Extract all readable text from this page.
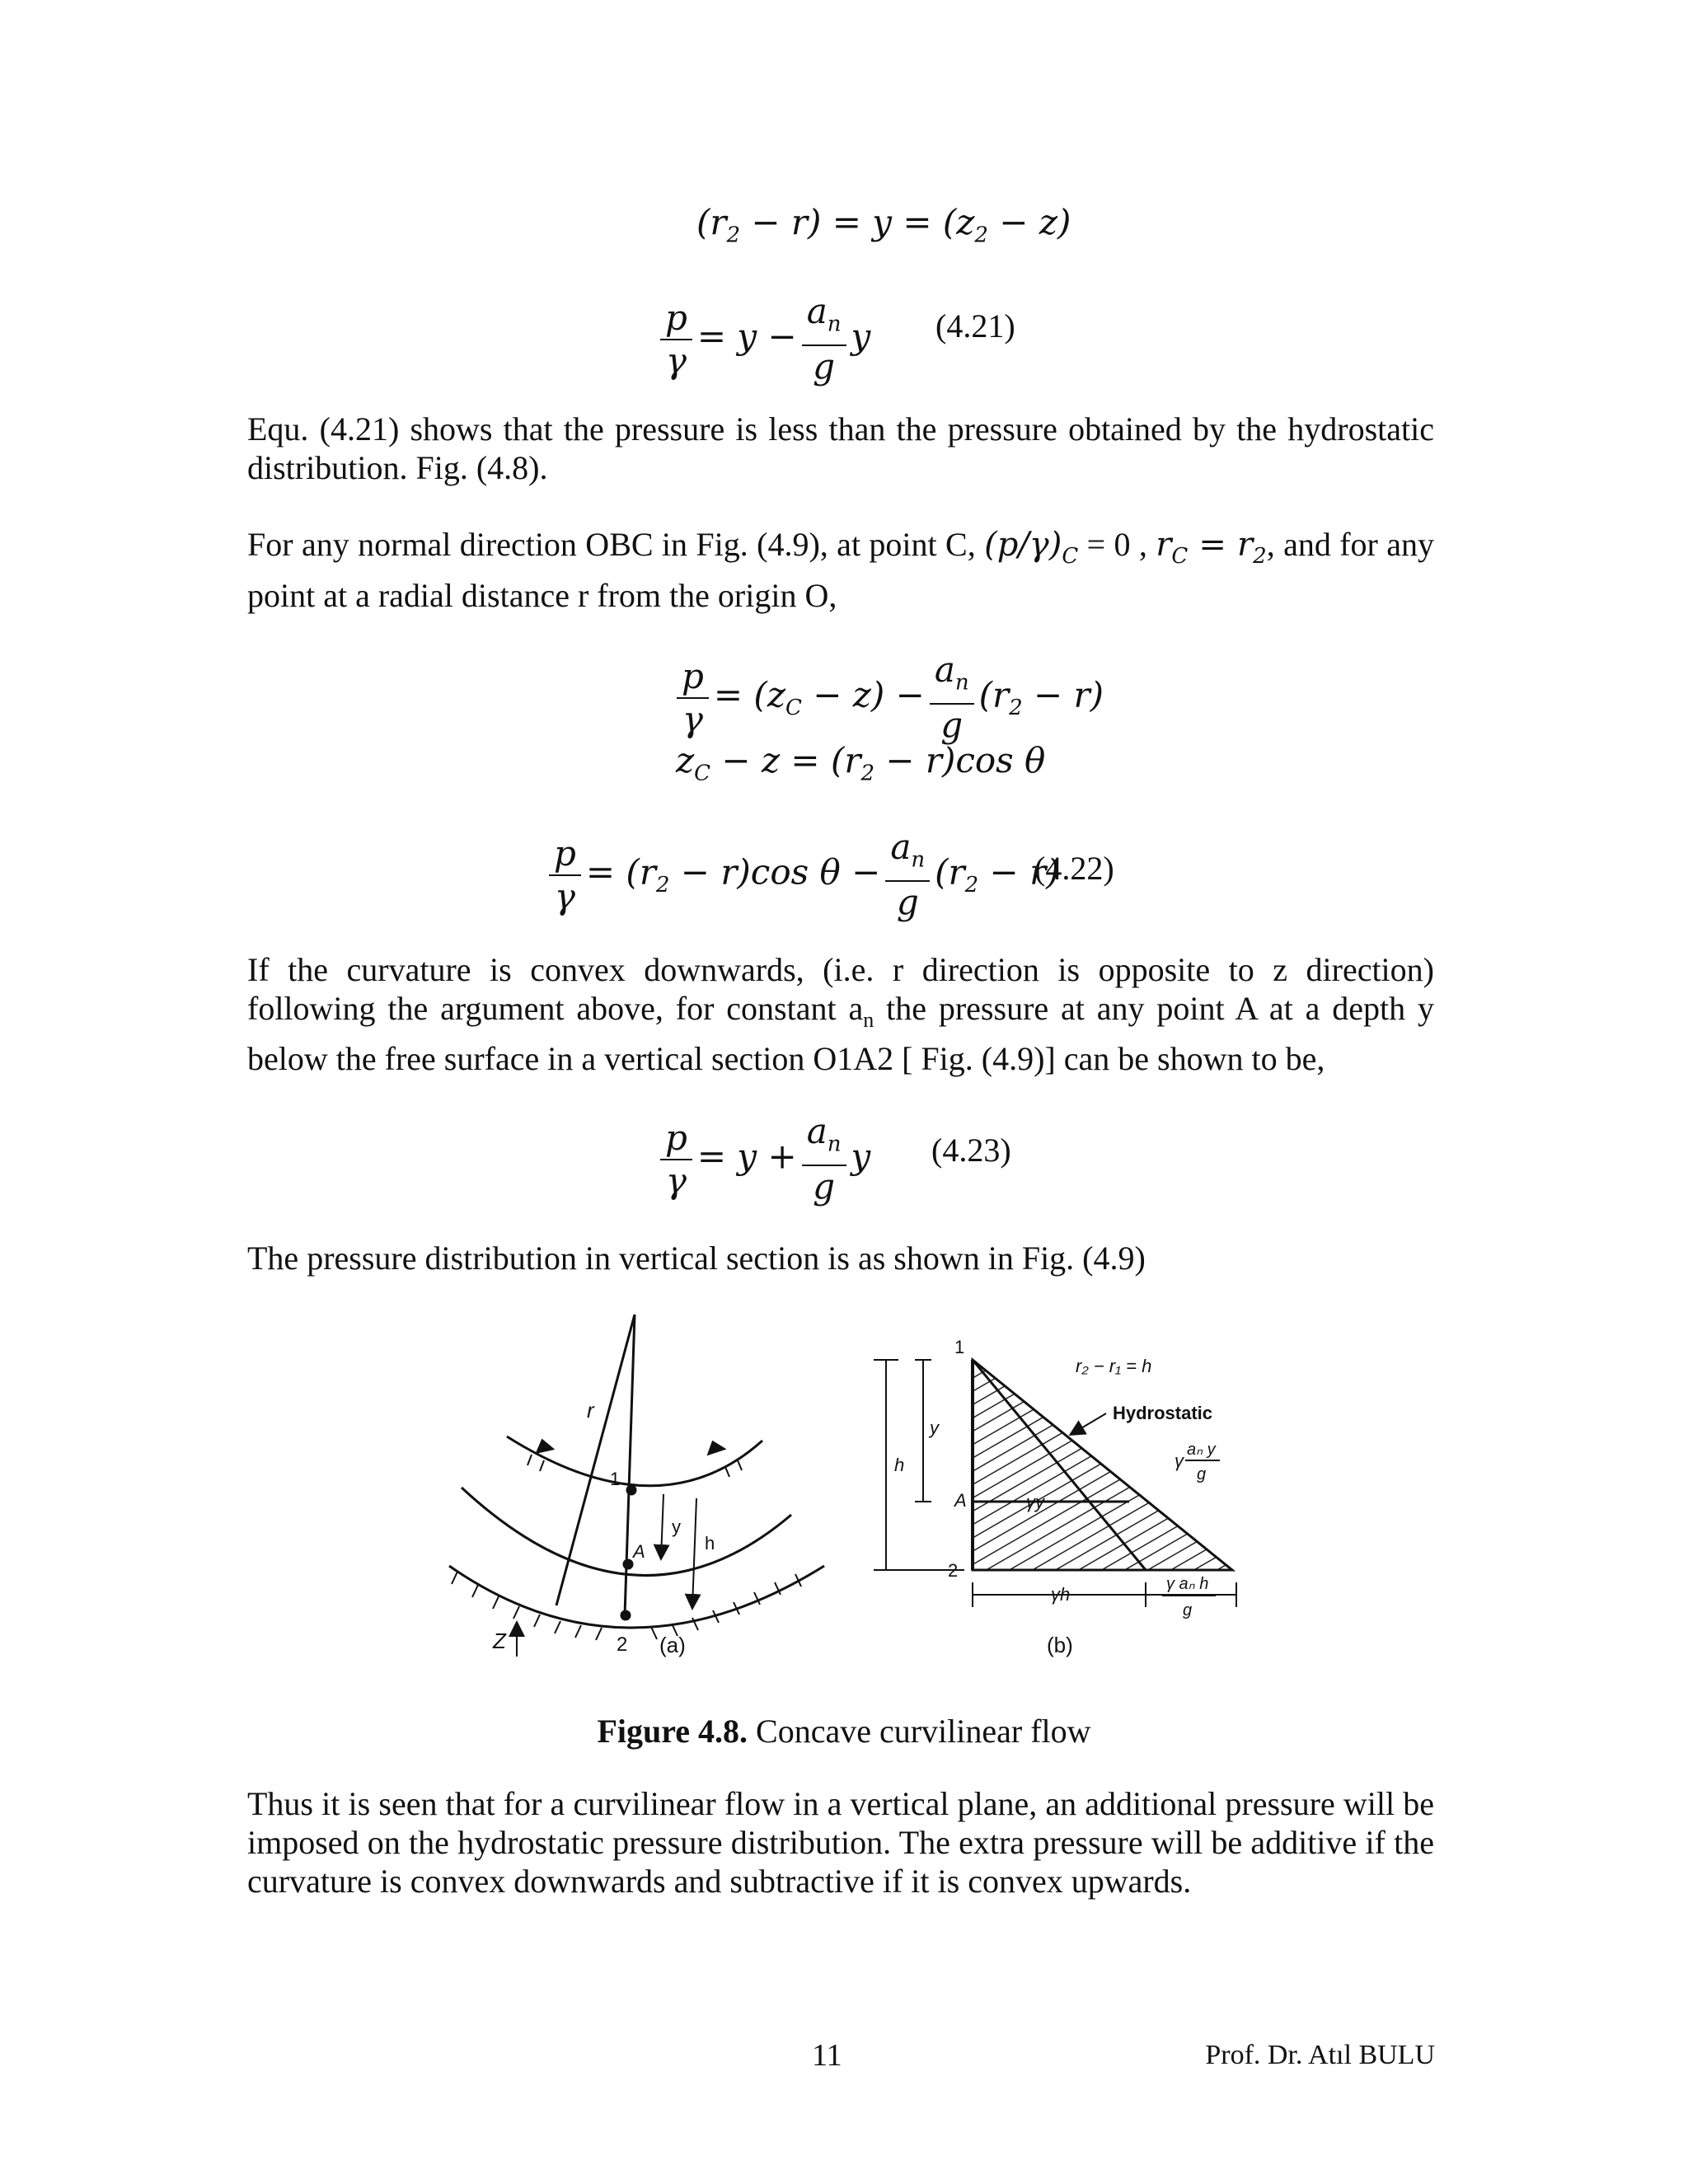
$(r_2 - r) = y = (z_2 - z)$
$\frac{p}{\gamma} = y - \frac{a_n}{g}$ y (4.21)

Equ. (4.21) shows that the pressure is less than the pressure obtained by the hydrostatic distribution. Fig. (4.8).

For any normal direction OBC in Fig. (4.9), at point C, $(p/\gamma)_C = 0$ , $r_C = r_2$, and for any point at a radial distance r from the origin O,

$\frac{p}{\gamma} = (z_C - z) - \frac{a_n}{g} (r_2 - r)$
$z_C - z = (r_2 - r)\cos$ θ
$\frac{p}{\gamma} = (r_2 - r)\cos$ $\theta - \frac{a_n}{g} (r_2 - r)$
(4.22)

If the curvature is convex downwards, (i.e. r direction is opposite to z direction) following the argument above, for constant $a_n$ the pressure at any point A at a depth y below the free surface in a vertical section O1A2 [ Fig. (4.9)] can be shown to be,

$\frac{p}{\gamma} = y + \frac{a_n}{g}$ y (4.23)

The pressure distribution in vertical section is as shown in Fig. (4.9)

r
1
A
y
h
2
Z	(a)
1
y
h
A
2
r₂ − r₁ = h
Hydrostatic
γ
aₙ y
g
γy
γh	γ aₙ h
g
(b)
Figure 4.8. Concave curvilinear flow

Thus it is seen that for a curvilinear flow in a vertical plane, an additional pressure will be imposed on the hydrostatic pressure distribution. The extra pressure will be additive if the curvature is convex downwards and subtractive if it is convex upwards.

11	Prof. Dr. Atıl BULU
